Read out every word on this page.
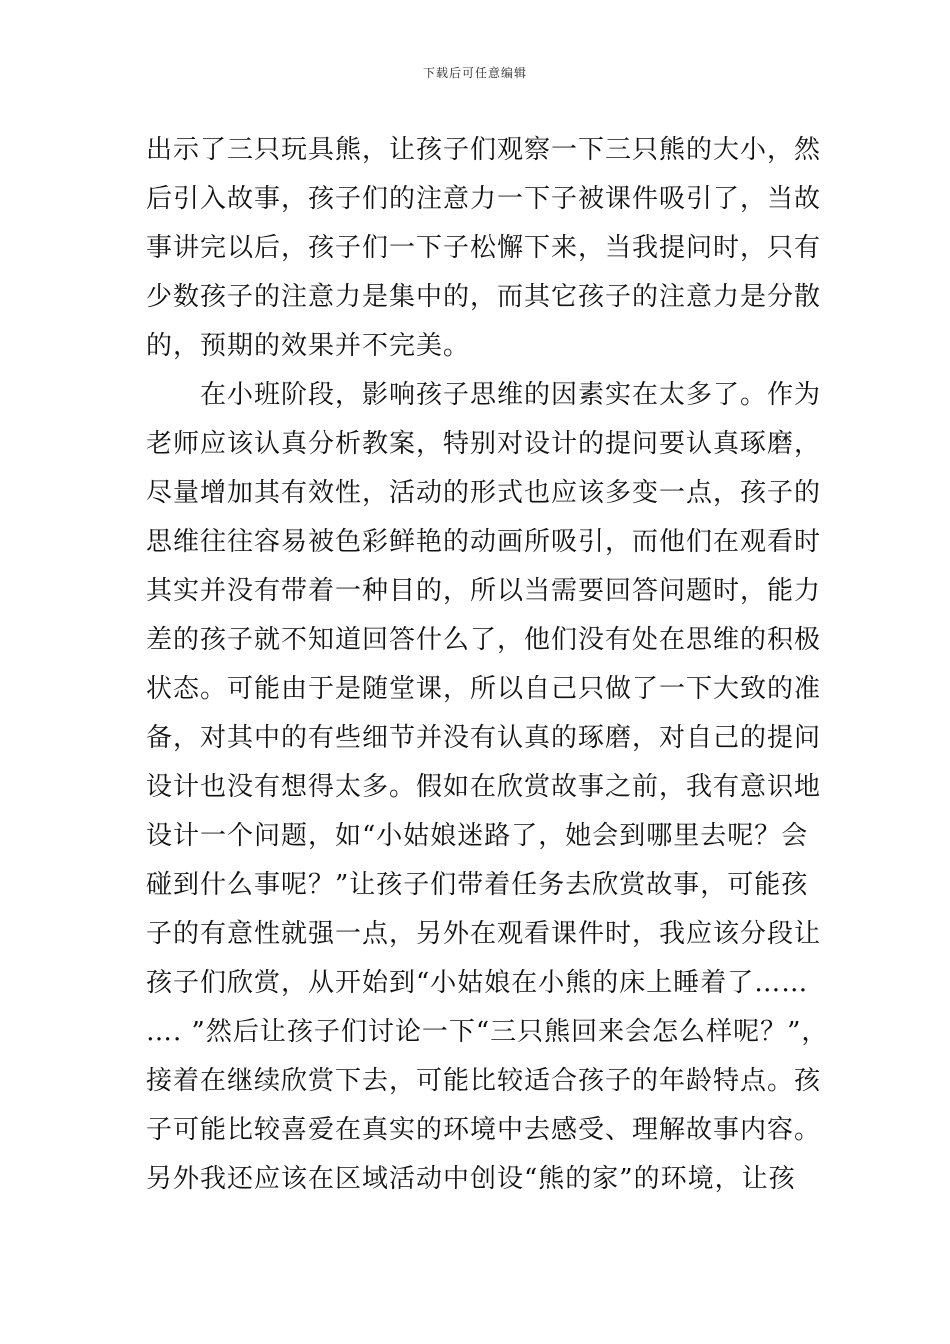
下载后可任意编辑
出示了三只玩具熊，让孩子们观察一下三只熊的大小，然
后引入故事，孩子们的注意力一下子被课件吸引了，当故
事讲完以后，孩子们一下子松懈下来，当我提问时，只有
少数孩子的注意力是集中的，而其它孩子的注意力是分散
的，预期的效果并不完美。
　　在小班阶段，影响孩子思维的因素实在太多了。作为
老师应该认真分析教案，特别对设计的提问要认真琢磨，
尽量增加其有效性，活动的形式也应该多变一点，孩子的
思维往往容易被色彩鲜艳的动画所吸引，而他们在观看时
其实并没有带着一种目的，所以当需要回答问题时，能力
差的孩子就不知道回答什么了，他们没有处在思维的积极
状态。可能由于是随堂课，所以自己只做了一下大致的准
备，对其中的有些细节并没有认真的琢磨，对自己的提问
设计也没有想得太多。假如在欣赏故事之前，我有意识地
设计一个问题，如“小姑娘迷路了，她会到哪里去呢？会
碰到什么事呢？”让孩子们带着任务去欣赏故事，可能孩
子的有意性就强一点，另外在观看课件时，我应该分段让
孩子们欣赏，从开始到“小姑娘在小熊的床上睡着了……
…. ”然后让孩子们讨论一下“三只熊回来会怎么样呢？”，
接着在继续欣赏下去，可能比较适合孩子的年龄特点。孩
子可能比较喜爱在真实的环境中去感受、理解故事内容。
另外我还应该在区域活动中创设“熊的家”的环境，让孩
